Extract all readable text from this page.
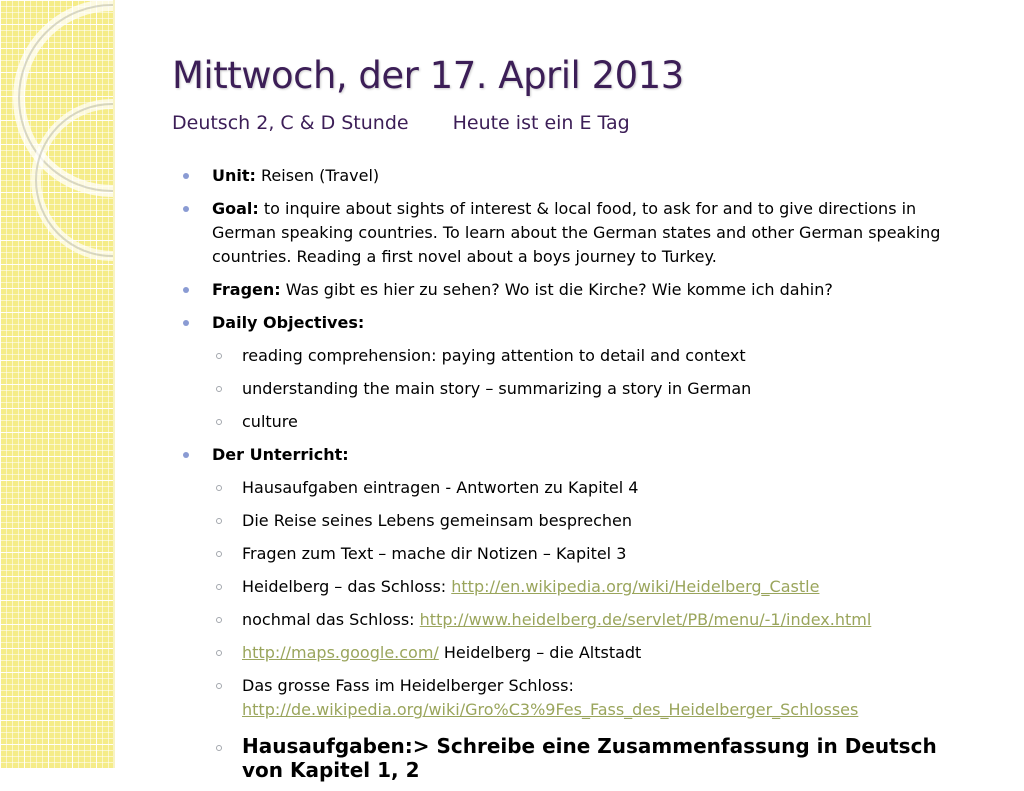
Mittwoch, der 17. April 2013
Deutsch 2, C & D Stunde Heute ist ein E Tag
Unit: Reisen (Travel)
Goal: to inquire about sights of interest & local food, to ask for and to give directions in German speaking countries. To learn about the German states and other German speaking countries. Reading a first novel about a boys journey to Turkey.
Fragen: Was gibt es hier zu sehen? Wo ist die Kirche? Wie komme ich dahin?
Daily Objectives:
reading comprehension: paying attention to detail and context
understanding the main story – summarizing a story in German
culture
Der Unterricht:
Hausaufgaben eintragen - Antworten zu Kapitel 4
Die Reise seines Lebens gemeinsam besprechen
Fragen zum Text – mache dir Notizen – Kapitel 3
Heidelberg – das Schloss: http://en.wikipedia.org/wiki/Heidelberg_Castle
nochmal das Schloss: http://www.heidelberg.de/servlet/PB/menu/-1/index.html
http://maps.google.com/ Heidelberg – die Altstadt
Das grosse Fass im Heidelberger Schloss:
http://de.wikipedia.org/wiki/Gro%C3%9Fes_Fass_des_Heidelberger_Schlosses
Hausaufgaben:> Schreibe eine Zusammenfassung in Deutsch von Kapitel 1, 2
